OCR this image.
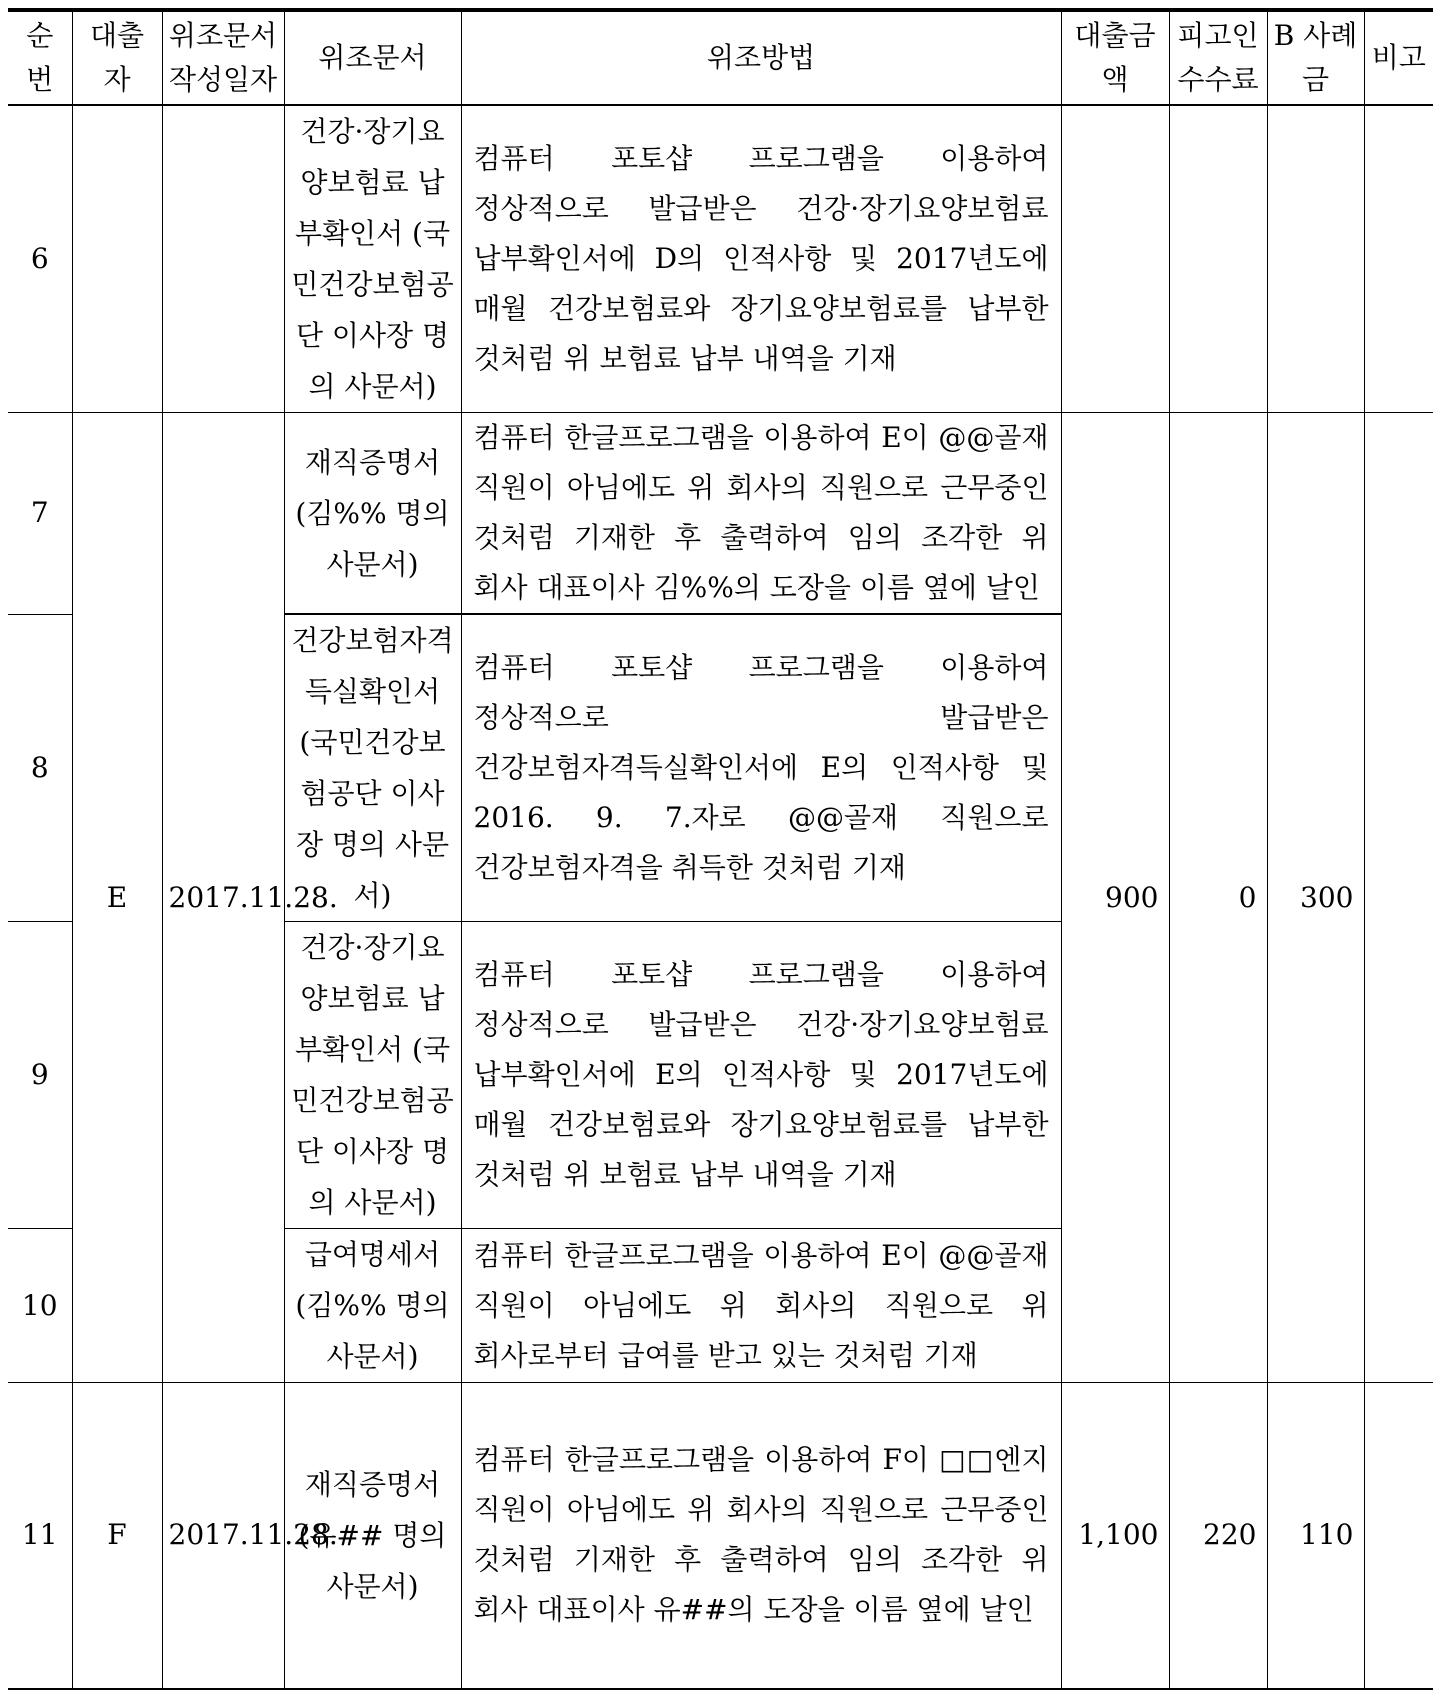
순번	대출자	위조문서 작성일자	위조문서	위조방법	대출금액	피고인 수수료	B 사례금	비고
6			건강·장기요양보험료 납부확인서 (국민건강보험공단 이사장 명의 사문서)	컴퓨터 포토샵 프로그램을 이용하여 정상적으로 발급받은 건강·장기요양보험료 납부확인서에 D의 인적사항 및 2017년도에 매월 건강보험료와 장기요양보험료를 납부한 것처럼 위 보험료 납부 내역을 기재				
7	E	2017.11.28.	재직증명서 (김%% 명의 사문서)	컴퓨터 한글프로그램을 이용하여 E이 @@골재 직원이 아님에도 위 회사의 직원으로 근무중인 것처럼 기재한 후 출력하여 임의 조각한 위 회사 대표이사 김%%의 도장을 이름 옆에 날인	900	0	300	
8			건강보험자격득실확인서 (국민건강보험공단 이사장 명의 사문서)	컴퓨터 포토샵 프로그램을 이용하여 정상적으로 발급받은 건강보험자격득실확인서에 E의 인적사항 및 2016. 9. 7.자로 @@골재 직원으로 건강보험자격을 취득한 것처럼 기재				
9			건강·장기요양보험료 납부확인서 (국민건강보험공단 이사장 명의 사문서)	컴퓨터 포토샵 프로그램을 이용하여 정상적으로 발급받은 건강·장기요양보험료 납부확인서에 E의 인적사항 및 2017년도에 매월 건강보험료와 장기요양보험료를 납부한 것처럼 위 보험료 납부 내역을 기재				
10			급여명세서 (김%% 명의 사문서)	컴퓨터 한글프로그램을 이용하여 E이 @@골재 직원이 아님에도 위 회사의 직원으로 위 회사로부터 급여를 받고 있는 것처럼 기재				
11	F	2017.11.28.	재직증명서 (유## 명의 사문서)	컴퓨터 한글프로그램을 이용하여 F이 □□엔지 직원이 아님에도 위 회사의 직원으로 근무중인 것처럼 기재한 후 출력하여 임의 조각한 위 회사 대표이사 유##의 도장을 이름 옆에 날인	1,100	220	110	
